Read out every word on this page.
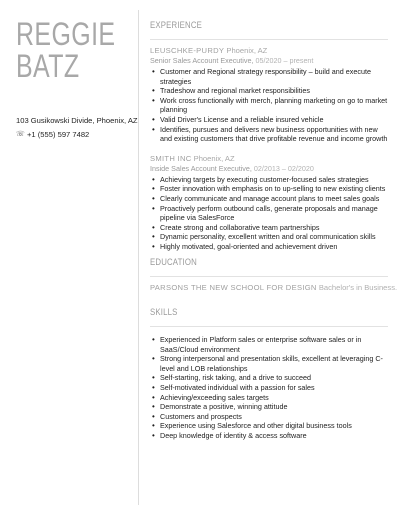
REGGIE
BATZ
103 Gusikowski Divide, Phoenix, AZ
☏ +1 (555) 597 7482
EXPERIENCE
LEUSCHKE-PURDY Phoenix, AZ
Senior Sales Account Executive, 05/2020 – present
• Customer and Regional strategy responsibility – build and execute strategies
• Tradeshow and regional market responsibilities
• Work cross functionally with merch, planning marketing on go to market planning
• Valid Driver's License and a reliable insured vehicle
• Identifies, pursues and delivers new business opportunities with new and existing customers that drive profitable revenue and income growth
SMITH INC Phoenix, AZ
Inside Sales Account Executive, 02/2013 – 02/2020
• Achieving targets by executing customer-focused sales strategies
• Foster innovation with emphasis on to up-selling to new existing clients
• Clearly communicate and manage account plans to meet sales goals
• Proactively perform outbound calls, generate proposals and manage pipeline via SalesForce
• Create strong and collaborative team partnerships
• Dynamic personality, excellent written and oral communication skills
• Highly motivated, goal-oriented and achievement driven
EDUCATION
PARSONS THE NEW SCHOOL FOR DESIGN Bachelor's in Business.
SKILLS
• Experienced in Platform sales or enterprise software sales or in SaaS/Cloud environment
• Strong interpersonal and presentation skills, excellent at leveraging C-level and LOB relationships
• Self-starting, risk taking, and a drive to succeed
• Self-motivated individual with a passion for sales
• Achieving/exceeding sales targets
• Demonstrate a positive, winning attitude
• Customers and prospects
• Experience using Salesforce and other digital business tools
• Deep knowledge of identity & access software
